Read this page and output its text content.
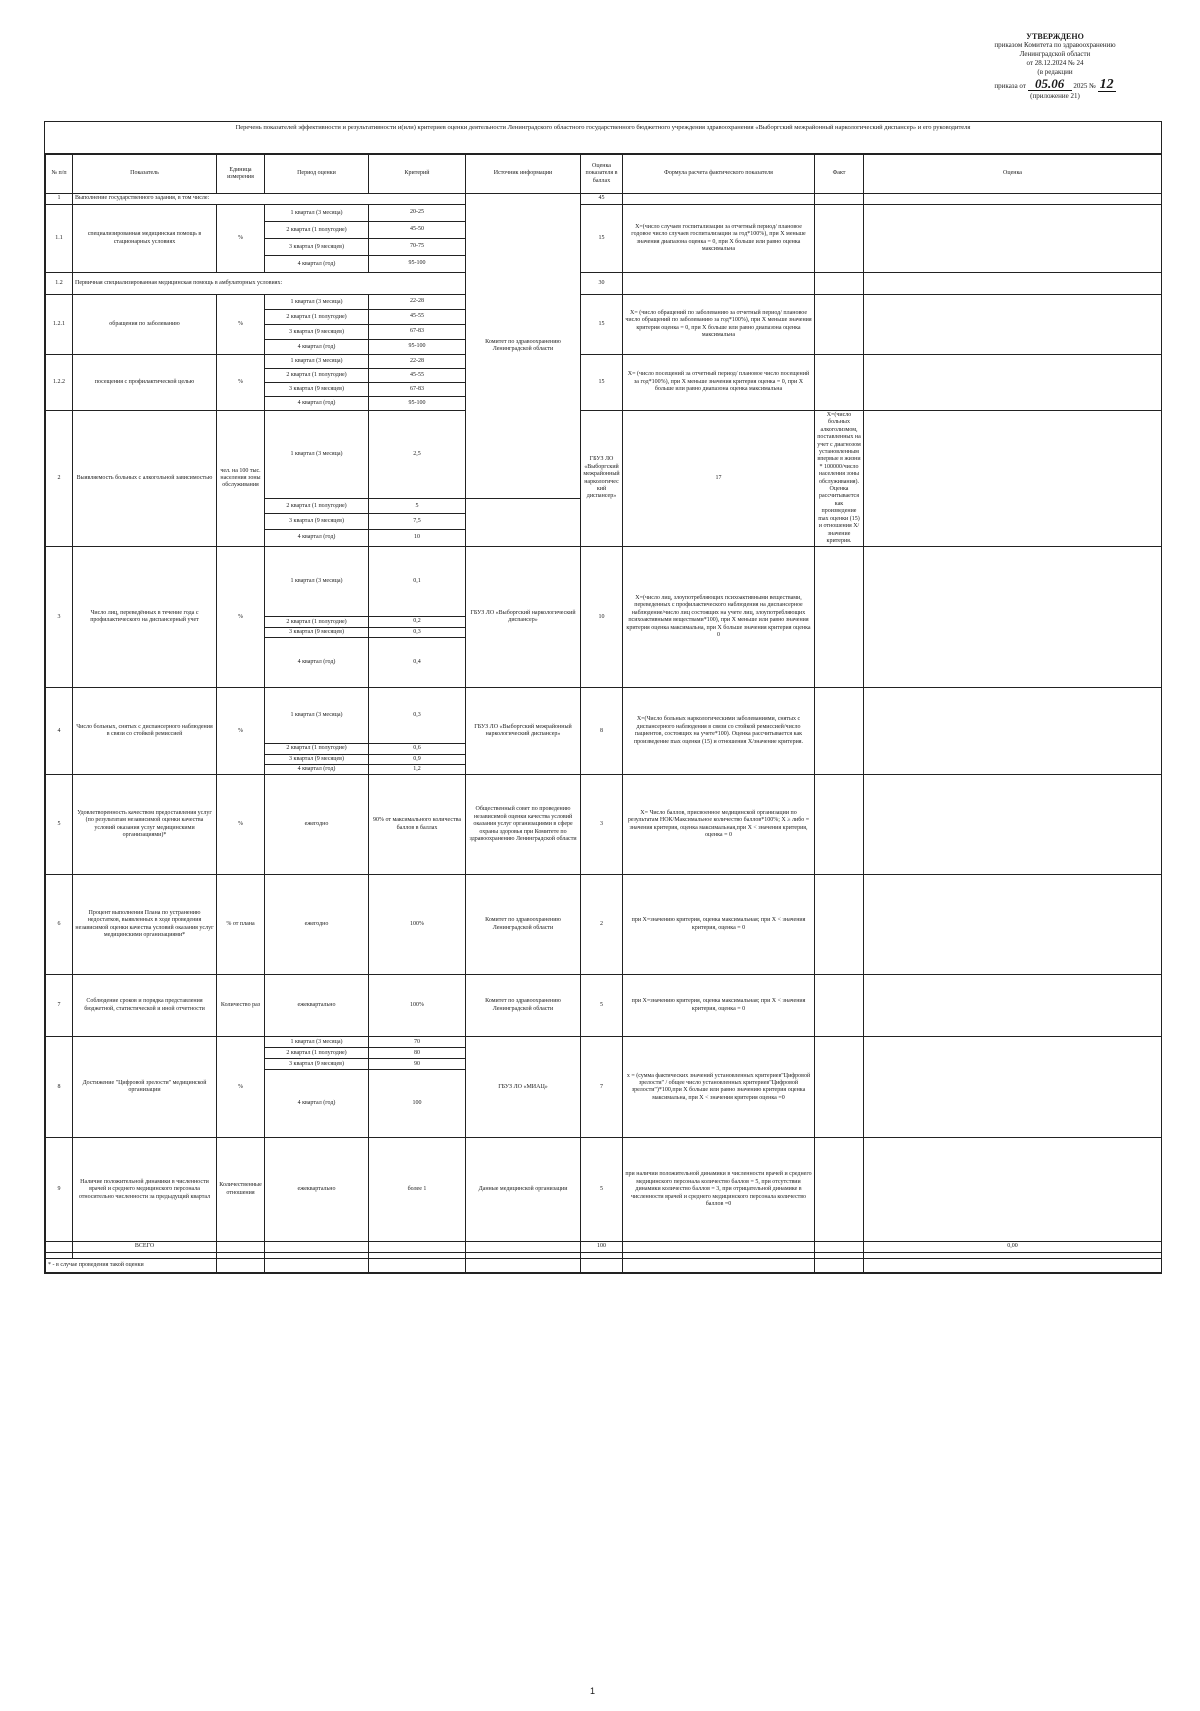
УТВЕРЖДЕНО
приказом Комитета по здравоохранению
Ленинградской области
от 28.12.2024 № 24
(в редакции
приказа от 05.06 2025 № 12
(приложение 21)
Перечень показателей эффективности и результативности и(или) критериев оценки деятельности Ленинградского областного государственного бюджетного учреждения здравоохранения «Выборгский межрайонный наркологический диспансер» и его руководителя
№ п/п	Показатель	Единица измерения	Период оценки	Критерий	Источник информации	Оценка показателя в баллах	Формула расчета фактического показателя	Факт	Оценка	
1	Выполнение государственного задания, в том числе:				Комитет по здравоохранению Ленинградской области	45				
1.1	специализированная медицинская помощь в стационарных условиях	%	1 квартал (3 месяца)	20-25		15	Х=(число случаев госпитализации за отчетный период/ плановое годовое число случаев госпитализации за год*100%), при Х меньше значения диапазона оценка = 0, при Х больше или равно оценка максимальна			
			2 квартал (1 полугодие)	45-50						
			3 квартал (9 месяцев)	70-75						
			4 квартал (год)	95-100						
1.2	Первичная специализированная медицинская помощь в амбулаторных условиях:					30				
1.2.1	обращения по заболеванию	%	1 квартал (3 месяца)	22-28		15	Х= (число обращений по заболеванию за отчетный период/ плановое число обращений по заболеванию за год*100%), при Х меньше значения критерия оценка = 0, при Х больше или равно диапазона оценка максимальна			
			2 квартал (1 полугодие)	45-55						
			3 квартал (9 месяцев)	67-83						
			4 квартал (год)	95-100						
1.2.2	посещения с профилактической целью	%	1 квартал (3 месяца)	22-28		15	Х= (число посещений за отчетный период/ плановое число посещений за год*100%), при Х меньше значения критерия оценка = 0, при Х больше или равно диапазона оценка максимальна			
			2 квартал (1 полугодие)	45-55						
			3 квартал (9 месяцев)	67-83						
			4 квартал (год)	95-100						
2	Выявляемость больных с алкогольной зависимостью	чел. на 100 тыс. населения зоны обслуживания	1 квартал (3 месяца)	2,5		ГБУЗ ЛО «Выборгский межрайонный наркологический диспансер»	17	Х=(число больных алкоголизмом, поставленных на учет с диагнозом установленным впервые в жизни * 100000/число населения зоны обслуживания). Оценка рассчитывается как произведение max оценки (15) и отношения Х/значение критерия.		
			2 квартал (1 полугодие)	5						
			3 квартал (9 месяцев)	7,5						
			4 квартал (год)	10						
3	Число лиц, переведённых в течение года с профилактического на диспансерный учет	%	1 квартал (3 месяца)	0,1	ГБУЗ ЛО «Выборгский наркологический диспансер»	10	Х=(число лиц, злоупотребляющих психоактивными веществами, переведенных с профилактического наблюдения на диспансерное наблюдение/число лиц состоящих на учете лиц, злоупотребляющих психоактивными веществами*100), при Х меньше или равно значения критерия оценка максимальна, при Х больше значения критерия оценка 0			
			2 квартал (1 полугодие)	0,2						
			3 квартал (9 месяцев)	0,3						
			4 квартал (год)	0,4						
4	Число больных, снятых с диспансерного наблюдения в связи со стойкой ремиссией	%	1 квартал (3 месяца)	0,3	ГБУЗ ЛО «Выборгский межрайонный наркологический диспансер»	8	Х=(Число больных наркологическими заболеваниями, снятых с диспансерного наблюдения в связи со стойкой ремиссией/число пациентов, состоящих на учете*100). Оценка рассчитывается как произведение max оценки (15) и отношения Х/значение критерия.			
			2 квартал (1 полугодие)	0,6						
			3 квартал (9 месяцев)	0,9						
			4 квартал (год)	1,2						
5	Удовлетворенность качеством предоставления услуг (по результатам независимой оценки качества условий оказания услуг медицинскими организациями)*	%	ежегодно	90% от максимального количества баллов в баллах	Общественный совет по проведению независимой оценки качества условий оказания услуг организациями в сфере охраны здоровья при Комитете по здравоохранению Ленинградской области	3	Х= Число баллов, присвоенное медицинской организации по результатам НОК/Максимальное количество баллов*100%; Х ≥ либо = значения критерия, оценка максимальная,при Х < значения критерия, оценка = 0			
6	Процент выполнения Плана по устранению недостатков, выявленных в ходе проведения независимой оценки качества условий оказания услуг медицинскими организациями*	% от плана	ежегодно	100%	Комитет по здравоохранению Ленинградской области	2	при Х=значению критерия, оценка максимальная; при Х < значения критерия, оценка = 0			
7	Соблюдение сроков и порядка представления бюджетной, статистической и иной отчетности	Количество раз	ежеквартально	100%	Комитет по здравоохранению Ленинградской области	5	при Х=значению критерия, оценка максимальная; при Х < значения критерия, оценка = 0			
8	Достижение "Цифровой зрелости" медицинской организации	%	1 квартал (3 месяца)	70	ГБУЗ ЛО «МИАЦ»	7	х = (сумма фактических значений установленных критериев"Цифровой зрелости" / общее число установленных критериев"Цифровой зрелости")*100,при Х больше или равно значению критерия оценка максимальна, при Х < значения критерия оценка =0			
			2 квартал (1 полугодие)	80						
			3 квартал (9 месяцев)	90						
			4 квартал (год)	100						
9	Наличие положительной динамики в численности врачей и среднего медицинского персонала относительно численности за предыдущий квартал	Количественные отношения	ежеквартально	более 1	Данные медицинской организации	5	при наличии положительной динамики в численности врачей и среднего медицинского персонала количество баллов = 5, при отсутствии динамики количество баллов = 3, при отрицательной динамике в численности врачей и среднего медицинского персонала количество баллов =0			
	ВСЕГО					100			0,00	

* - в случае проведения такой оценки										
1
